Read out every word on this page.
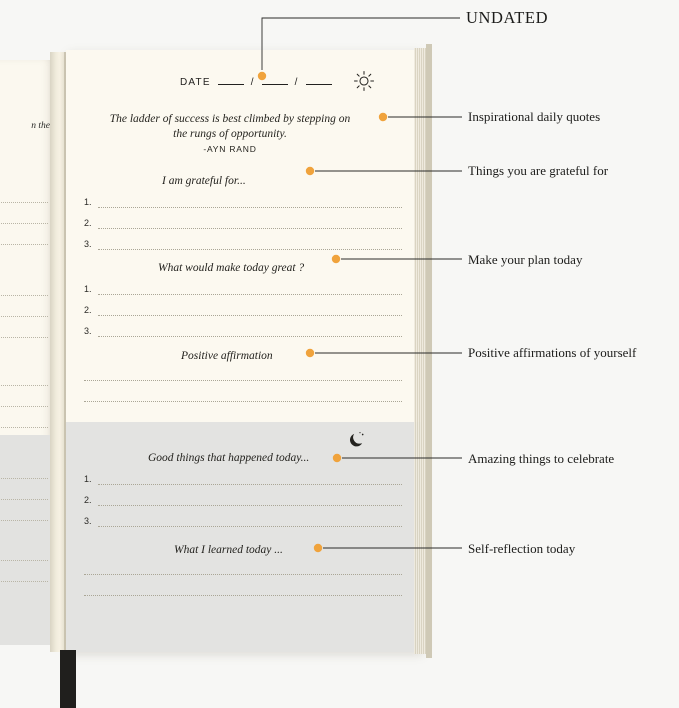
n the
DATE	/	/
The ladder of success is best climbed by stepping on the rungs of opportunity.
-AYN RAND
I am grateful for...
1.
2.
3.
What would make today great ?
1.
2.
3.
Positive affirmation
Good things that happened today...
1.
2.
3.
What I learned today ...
UNDATED
Inspirational daily quotes
Things you are grateful for
Make your plan today
Positive affirmations of yourself
Amazing things to celebrate
Self-reflection today
